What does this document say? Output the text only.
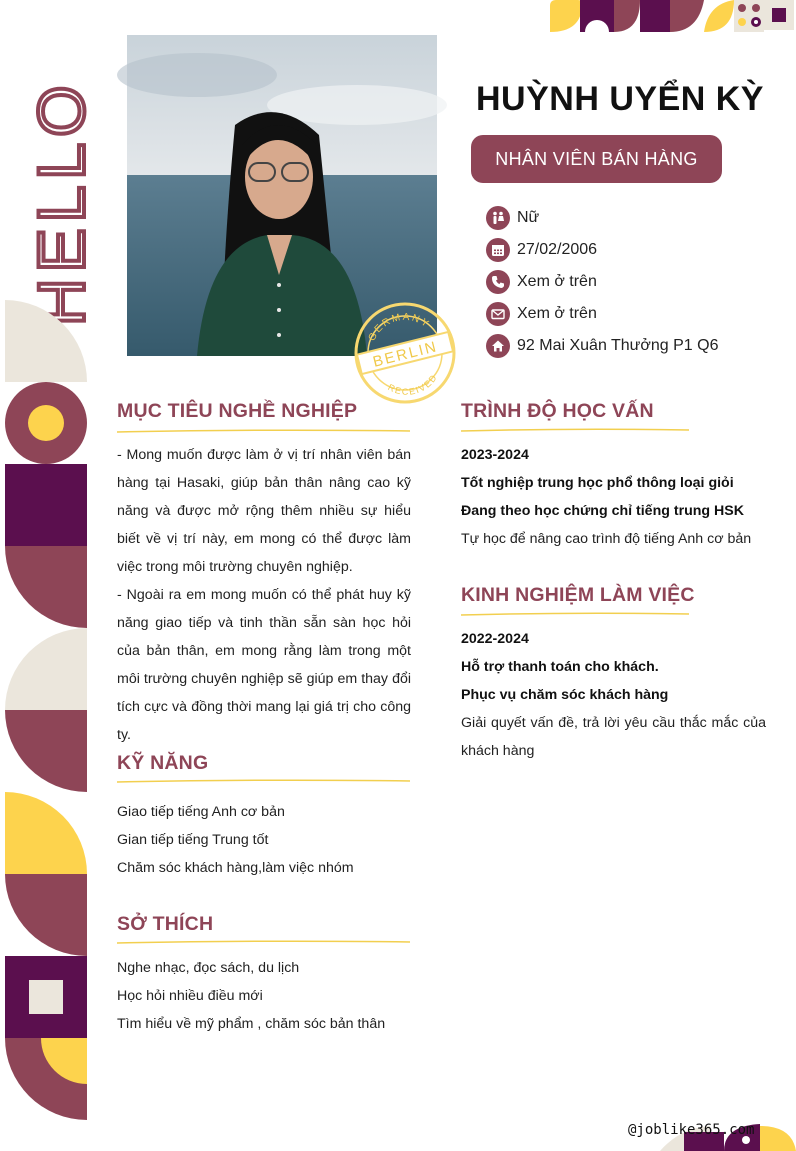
HELLO
GERMANY
BERLIN
RECEIVED
HUỲNH UYỂN KỲ
NHÂN VIÊN BÁN HÀNG
Nữ
27/02/2006
Xem ở trên
Xem ở trên
92 Mai Xuân Thưởng P1 Q6
MỤC TIÊU NGHỀ NGHIỆP
- Mong muốn được làm ở vị trí nhân viên bán hàng tại Hasaki, giúp bản thân nâng cao kỹ năng và được mở rộng thêm nhiều sự hiểu biết về vị trí này, em mong có thể được làm việc trong môi trường chuyên nghiệp.
- Ngoài ra em mong muốn có thể phát huy kỹ năng giao tiếp và tinh thần sẵn sàn học hỏi của bản thân, em mong rằng làm trong một môi trường chuyên nghiệp sẽ giúp em thay đổi tích cực và đồng thời mang lại giá trị cho công ty.
KỸ NĂNG
Giao tiếp tiếng Anh cơ bản
Gian tiếp tiếng Trung tốt
Chăm sóc khách hàng,làm việc nhóm
SỞ THÍCH
Nghe nhạc, đọc sách, du lịch
Học hỏi nhiều điều mới
Tìm hiểu về mỹ phẩm , chăm sóc bản thân
TRÌNH ĐỘ HỌC VẤN
2023-2024
Tốt nghiệp trung học phổ thông loại giỏi
Đang theo học chứng chỉ tiếng trung HSK
Tự học để nâng cao trình độ tiếng Anh cơ bản
KINH NGHIỆM LÀM VIỆC
2022-2024
Hỗ trợ thanh toán cho khách.
Phục vụ chăm sóc khách hàng
Giải quyết vấn đề, trả lời yêu cầu thắc mắc của khách hàng
@joblike365.com
